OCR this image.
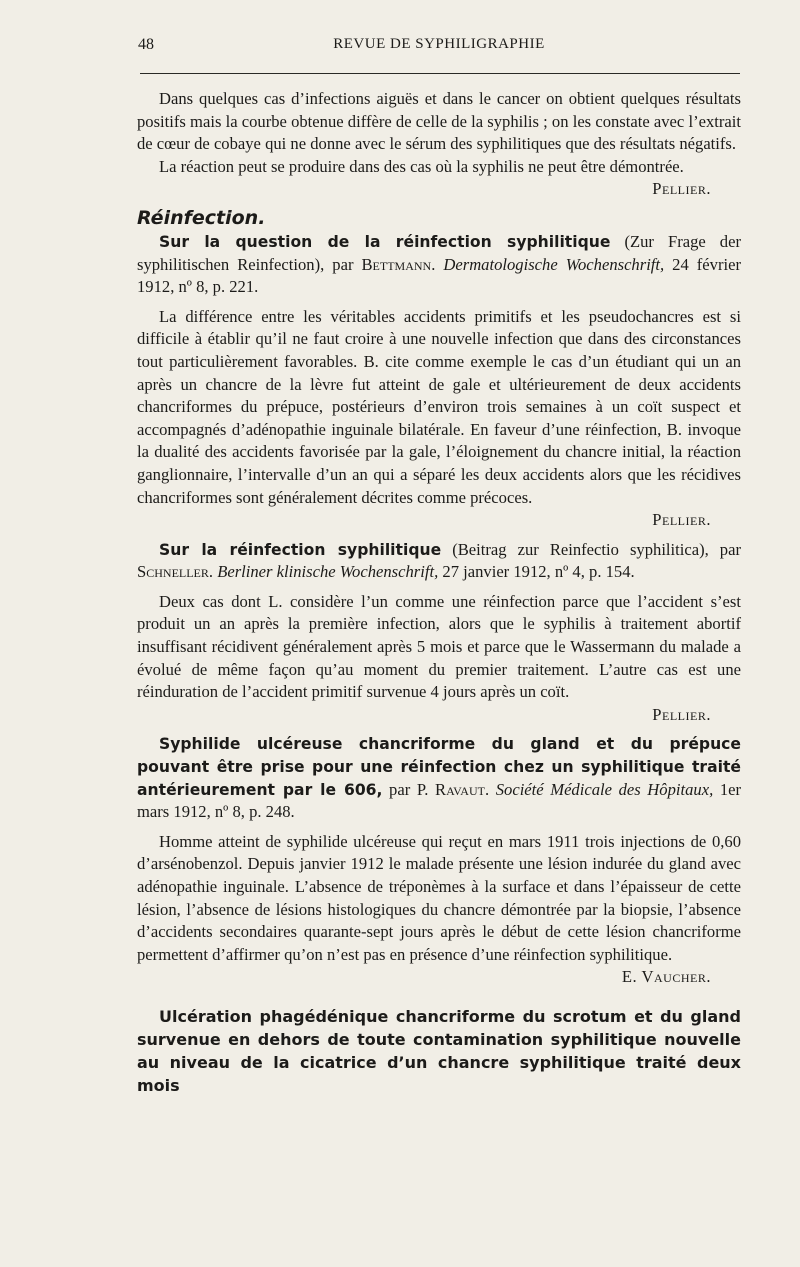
48	REVUE DE SYPHILIGRAPHIE

Dans quelques cas d’infections aiguës et dans le cancer on obtient quelques résultats positifs mais la courbe obtenue diffère de celle de la syphilis ; on les constate avec l’extrait de cœur de cobaye qui ne donne avec le sérum des syphilitiques que des résultats négatifs.

La réaction peut se produire dans des cas où la syphilis ne peut être démontrée.

Pellier.

Réinfection.

Sur la question de la réinfection syphilitique (Zur Frage der syphilitischen Reinfection), par Bettmann. Dermatologische Wochenschrift, 24 février 1912, nº 8, p. 221.

La différence entre les véritables accidents primitifs et les pseudochancres est si difficile à établir qu’il ne faut croire à une nouvelle infection que dans des circonstances tout particulièrement favorables. B. cite comme exemple le cas d’un étudiant qui un an après un chancre de la lèvre fut atteint de gale et ultérieurement de deux accidents chancriformes du prépuce, postérieurs d’environ trois semaines à un coït suspect et accompagnés d’adénopathie inguinale bilatérale. En faveur d’une réinfection, B. invoque la dualité des accidents favorisée par la gale, l’éloignement du chancre initial, la réaction ganglionnaire, l’intervalle d’un an qui a séparé les deux accidents alors que les récidives chancriformes sont généralement décrites comme précoces.

Pellier.

Sur la réinfection syphilitique (Beitrag zur Reinfectio syphilitica), par Schneller. Berliner klinische Wochenschrift, 27 janvier 1912, nº 4, p. 154.

Deux cas dont L. considère l’un comme une réinfection parce que l’accident s’est produit un an après la première infection, alors que le syphilis à traitement abortif insuffisant récidivent généralement après 5 mois et parce que le Wassermann du malade a évolué de même façon qu’au moment du premier traitement. L’autre cas est une réinduration de l’accident primitif survenue 4 jours après un coït.

Pellier.

Syphilide ulcéreuse chancriforme du gland et du prépuce pouvant être prise pour une réinfection chez un syphilitique traité antérieurement par le 606, par P. Ravaut. Société Médicale des Hôpitaux, 1er mars 1912, nº 8, p. 248.

Homme atteint de syphilide ulcéreuse qui reçut en mars 1911 trois injections de 0,60 d’arsénobenzol. Depuis janvier 1912 le malade présente une lésion indurée du gland avec adénopathie inguinale. L’absence de tréponèmes à la surface et dans l’épaisseur de cette lésion, l’absence de lésions histologiques du chancre démontrée par la biopsie, l’absence d’accidents secondaires quarante-sept jours après le début de cette lésion chancriforme permettent d’affirmer qu’on n’est pas en présence d’une réinfection syphilitique.

E. Vaucher.

Ulcération phagédénique chancriforme du scrotum et du gland survenue en dehors de toute contamination syphilitique nouvelle au niveau de la cicatrice d’un chancre syphilitique traité deux mois
